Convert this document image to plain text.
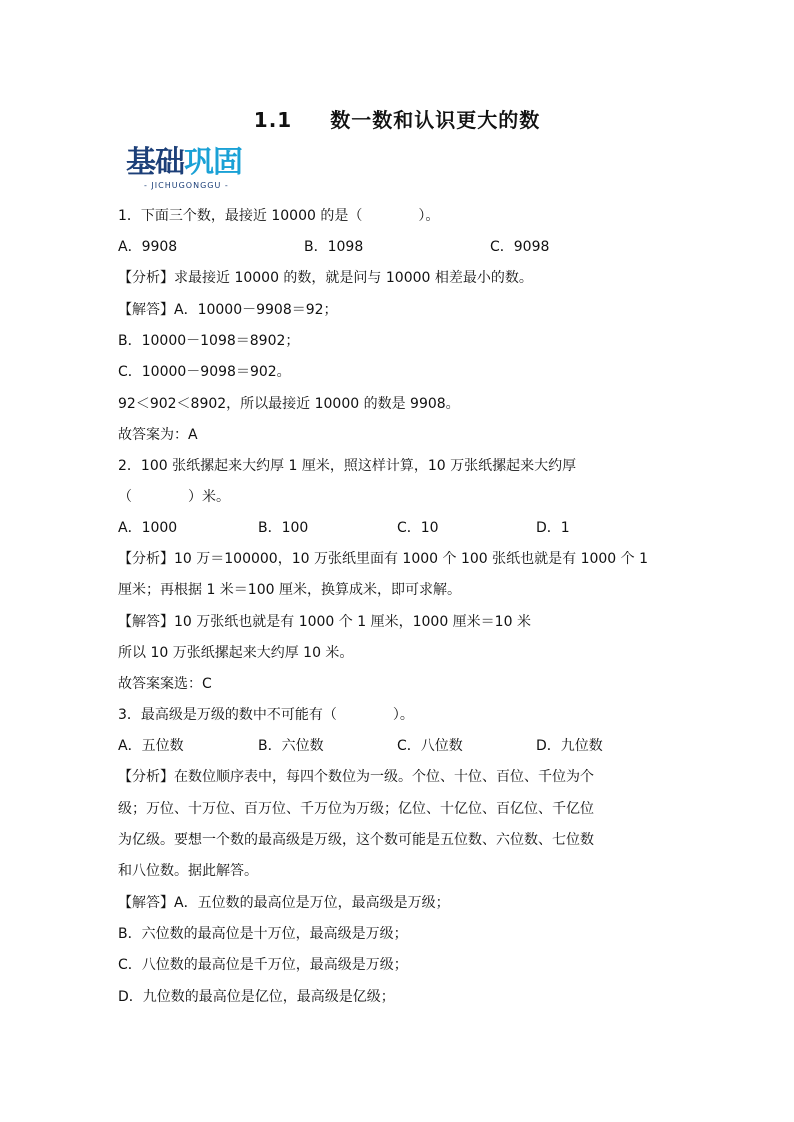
1.1 数一数和认识更大的数
基础巩固
- JICHUGONGGU -
1．下面三个数，最接近 10000 的是（　　　　）。
A．9908	B．1098	C．9098
【分析】求最接近 10000 的数，就是问与 10000 相差最小的数。
【解答】A．10000－9908＝92；
B．10000－1098＝8902；
C．10000－9098＝902。
92＜902＜8902，所以最接近 10000 的数是 9908。
故答案为：A
2．100 张纸摞起来大约厚 1 厘米，照这样计算，10 万张纸摞起来大约厚
（　　　　）米。
A．1000	B．100	C．10	D．1
【分析】10 万＝100000，10 万张纸里面有 1000 个 100 张纸也就是有 1000 个 1
厘米；再根据 1 米＝100 厘米，换算成米，即可求解。
【解答】10 万张纸也就是有 1000 个 1 厘米，1000 厘米＝10 米
所以 10 万张纸摞起来大约厚 10 米。
故答案案选：C
3．最高级是万级的数中不可能有（　　　　）。
A．五位数	B．六位数	C．八位数	D．九位数
【分析】在数位顺序表中，每四个数位为一级。个位、十位、百位、千位为个
级；万位、十万位、百万位、千万位为万级；亿位、十亿位、百亿位、千亿位
为亿级。要想一个数的最高级是万级，这个数可能是五位数、六位数、七位数
和八位数。据此解答。
【解答】A．五位数的最高位是万位，最高级是万级；
B．六位数的最高位是十万位，最高级是万级；
C．八位数的最高位是千万位，最高级是万级；
D．九位数的最高位是亿位，最高级是亿级；
